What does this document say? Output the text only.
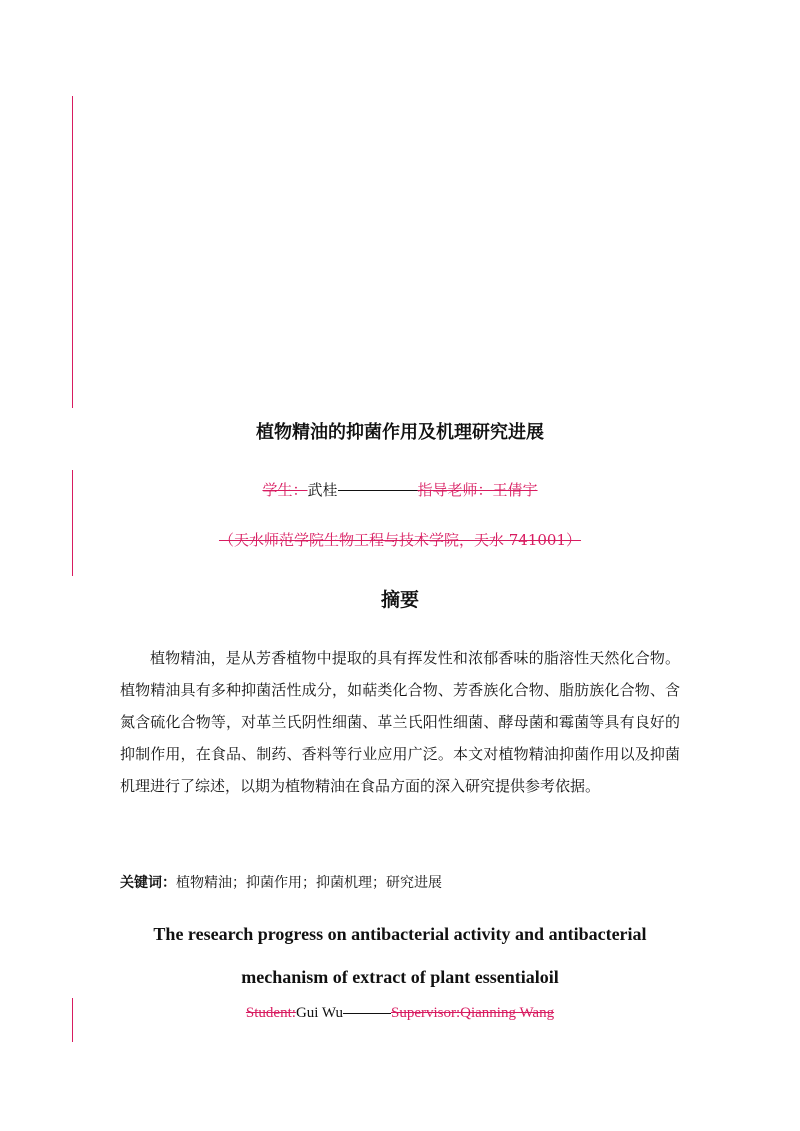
植物精油的抑菌作用及机理研究进展
学生：武桂	指导老师：王倩宇
（天水师范学院生物工程与技术学院，天水 741001）
摘要

植物精油，是从芳香植物中提取的具有挥发性和浓郁香味的脂溶性天然化合物。植物精油具有多种抑菌活性成分，如萜类化合物、芳香族化合物、脂肪族化合物、含氮含硫化合物等，对革兰氏阴性细菌、革兰氏阳性细菌、酵母菌和霉菌等具有良好的抑制作用，在食品、制药、香料等行业应用广泛。本文对植物精油抑菌作用以及抑菌机理进行了综述，以期为植物精油在食品方面的深入研究提供参考依据。

关键词：植物精油；抑菌作用；抑菌机理；研究进展
The research progress on antibacterial activity and antibacterial
mechanism of extract of plant essentialoil
Student:Gui Wu	Supervisor:Qianning Wang
